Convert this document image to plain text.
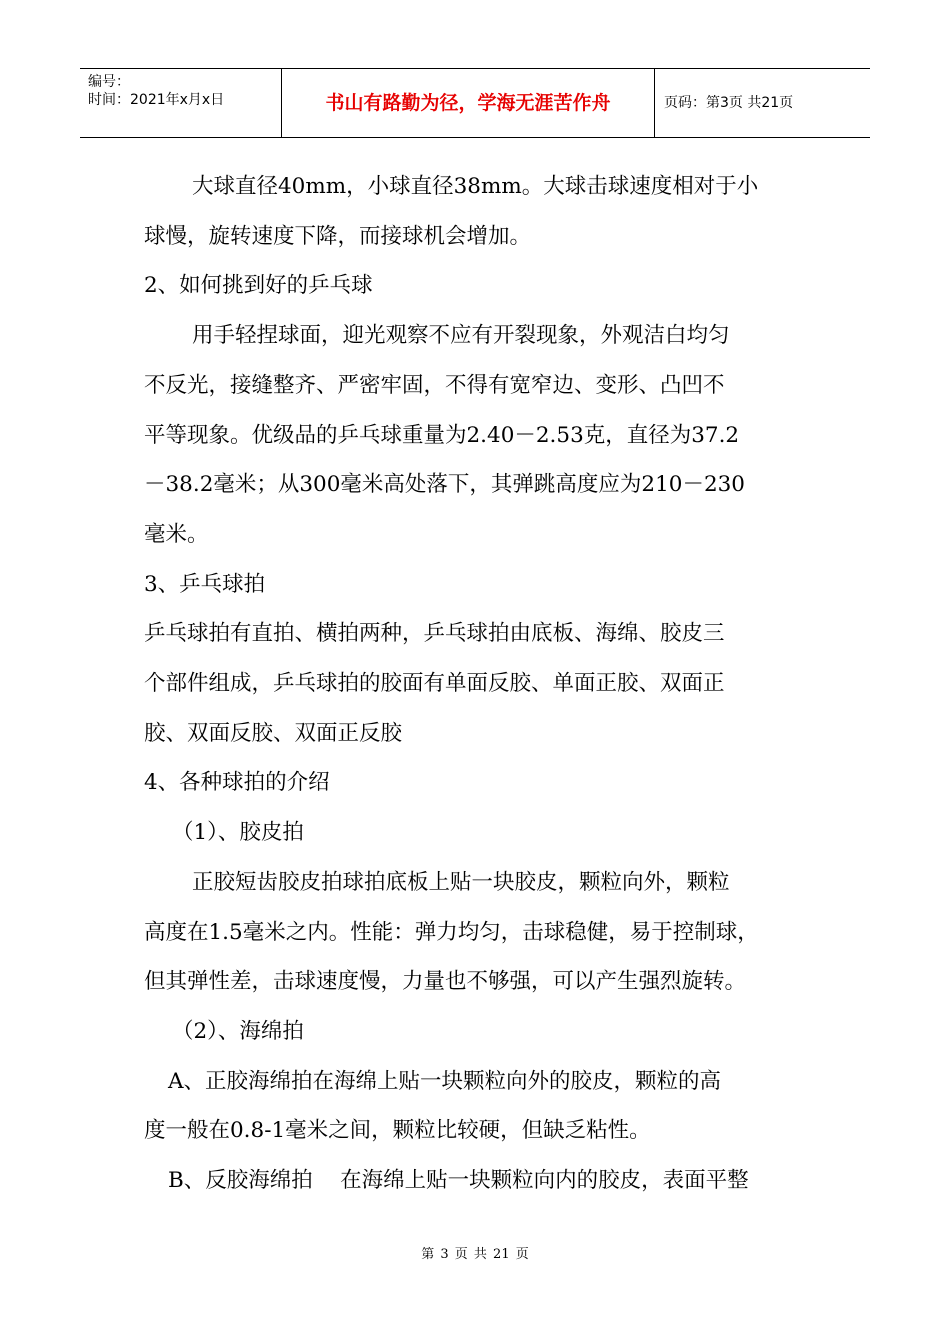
编号：
时间：2021年x月x日	书山有路勤为径，学海无涯苦作舟	页码：第3页 共21页

大球直径40mm，小球直径38mm。大球击球速度相对于小

球慢，旋转速度下降，而接球机会增加。

2、如何挑到好的乒乓球

用手轻捏球面，迎光观察不应有开裂现象，外观洁白均匀

不反光，接缝整齐、严密牢固，不得有宽窄边、变形、凸凹不

平等现象。优级品的乒乓球重量为2.40－2.53克，直径为37.2

－38.2毫米；从300毫米高处落下，其弹跳高度应为210－230

毫米。

3、乒乓球拍

乒乓球拍有直拍、横拍两种，乒乓球拍由底板、海绵、胶皮三

个部件组成，乒乓球拍的胶面有单面反胶、单面正胶、双面正

胶、双面反胶、双面正反胶

4、各种球拍的介绍

（1）、胶皮拍

正胶短齿胶皮拍球拍底板上贴一块胶皮，颗粒向外，颗粒

高度在1.5毫米之内。性能：弹力均匀，击球稳健，易于控制球，

但其弹性差，击球速度慢，力量也不够强，可以产生强烈旋转。

（2）、海绵拍

A、正胶海绵拍在海绵上贴一块颗粒向外的胶皮，颗粒的高

度一般在0.8-1毫米之间，颗粒比较硬，但缺乏粘性。

B、反胶海绵拍    在海绵上贴一块颗粒向内的胶皮，表面平整

第 3 页 共 21 页
